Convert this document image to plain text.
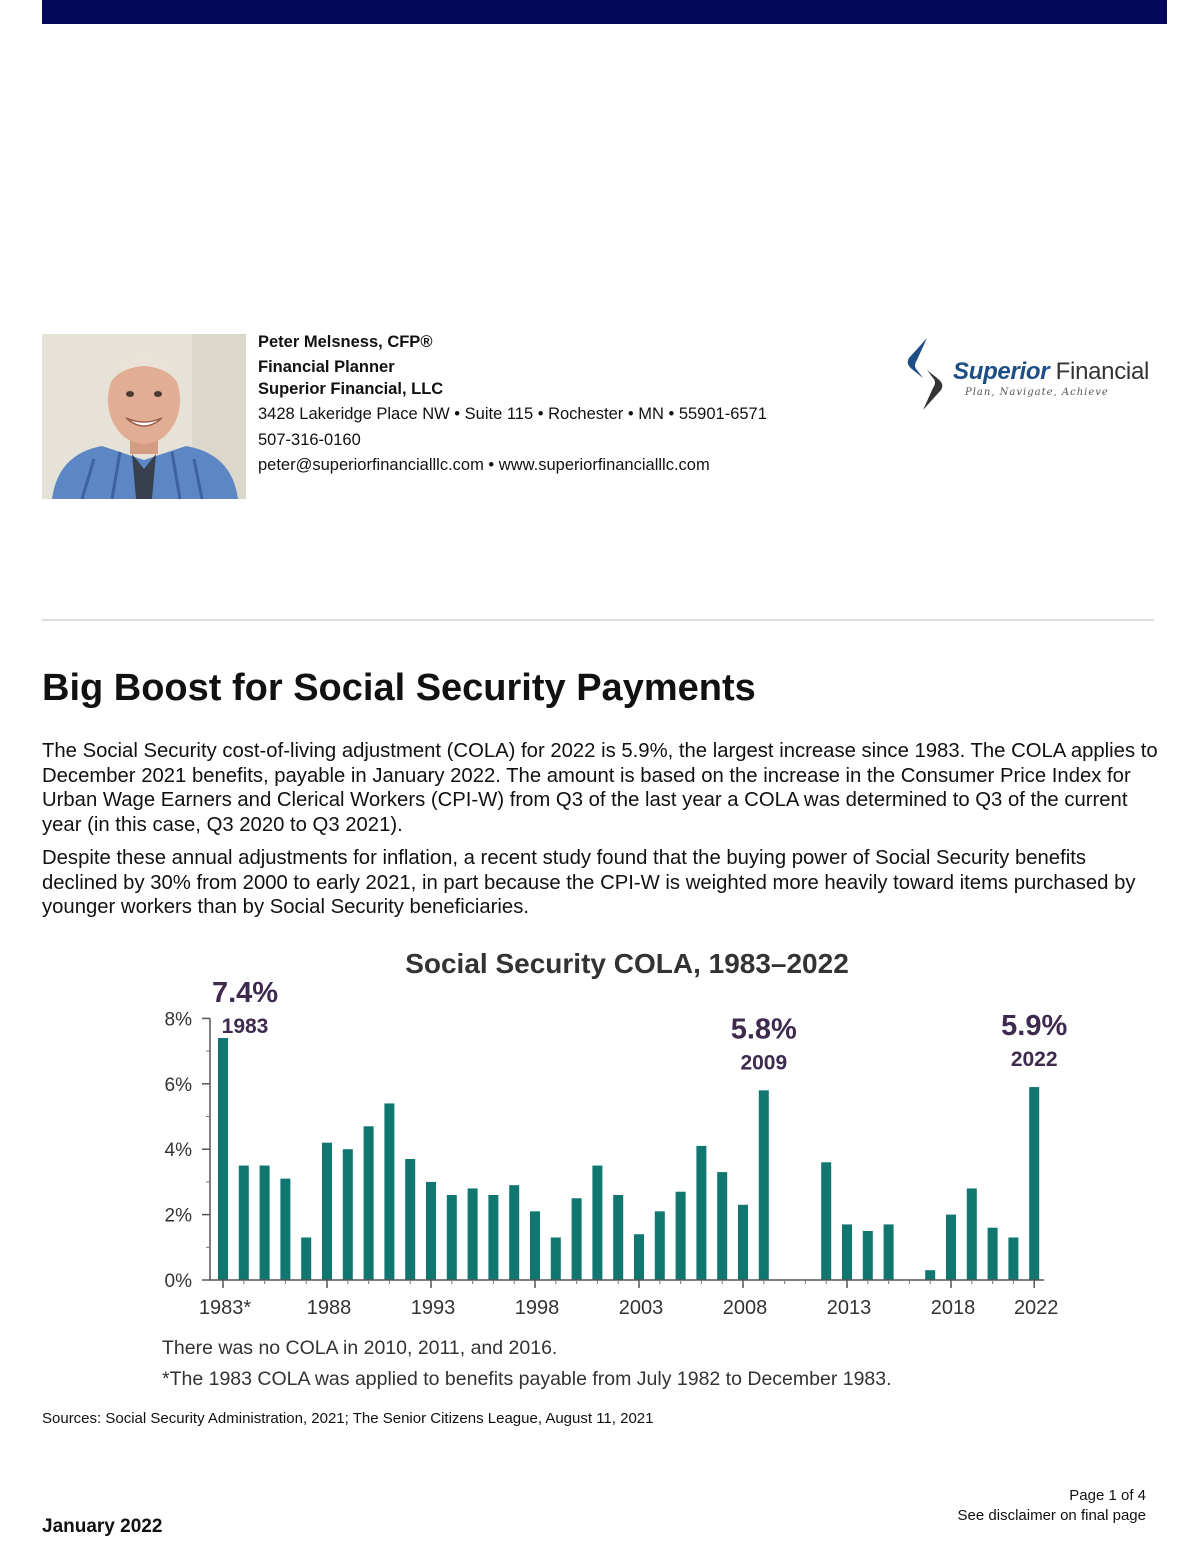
Peter Melsness, CFP®
Financial Planner
Superior Financial, LLC
3428 Lakeridge Place NW • Suite 115 • Rochester • MN • 55901-6571
507-316-0160
peter@superiorfinancialllc.com • www.superiorfinancialllc.com
Superior Financial
Plan, Navigate, Achieve
Big Boost for Social Security Payments

The Social Security cost-of-living adjustment (COLA) for 2022 is 5.9%, the largest increase since 1983. The COLA applies to December 2021 benefits, payable in January 2022. The amount is based on the increase in the Consumer Price Index for Urban Wage Earners and Clerical Workers (CPI-W) from Q3 of the last year a COLA was determined to Q3 of the current year (in this case, Q3 2020 to Q3 2021).

Despite these annual adjustments for inflation, a recent study found that the buying power of Social Security benefits declined by 30% from 2000 to early 2021, in part because the CPI-W is weighted more heavily toward items purchased by younger workers than by Social Security beneficiaries.

Social Security COLA, 1983–2022
0%
2%
4%
6%
8%
1983*	1988	1993	1998	2003	2008	2013	2018 2022
7.4%
1983	5.8%
2009
5.9%
2022
There was no COLA in 2010, 2011, and 2016.
*The 1983 COLA was applied to benefits payable from July 1982 to December 1983.
Sources: Social Security Administration, 2021; The Senior Citizens League, August 11, 2021
Page 1 of 4
See disclaimer on final page
January 2022
